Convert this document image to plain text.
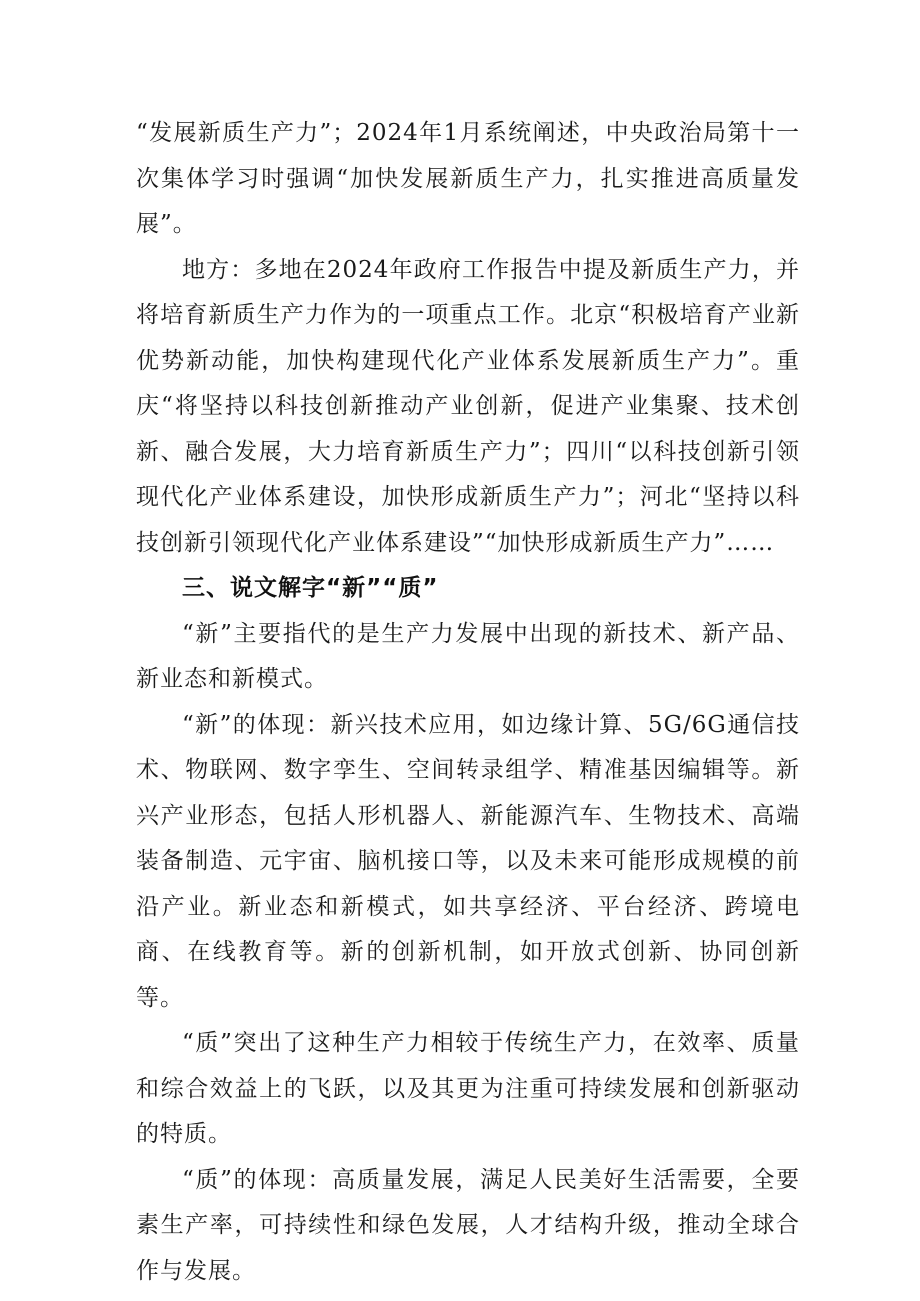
“发展新质生产力”；2024年1月系统阐述，中央政治局第十一次集体学习时强调“加快发展新质生产力，扎实推进高质量发展”。

地方：多地在2024年政府工作报告中提及新质生产力，并将培育新质生产力作为的一项重点工作。北京“积极培育产业新优势新动能，加快构建现代化产业体系发展新质生产力”。重庆“将坚持以科技创新推动产业创新，促进产业集聚、技术创新、融合发展，大力培育新质生产力”；四川“以科技创新引领现代化产业体系建设，加快形成新质生产力”；河北“坚持以科技创新引领现代化产业体系建设”“加快形成新质生产力”……

三、说文解字“新”“质”

“新”主要指代的是生产力发展中出现的新技术、新产品、新业态和新模式。

“新”的体现：新兴技术应用，如边缘计算、5G/6G通信技术、物联网、数字孪生、空间转录组学、精准基因编辑等。新兴产业形态，包括人形机器人、新能源汽车、生物技术、高端装备制造、元宇宙、脑机接口等，以及未来可能形成规模的前沿产业。新业态和新模式，如共享经济、平台经济、跨境电商、在线教育等。新的创新机制，如开放式创新、协同创新等。

“质”突出了这种生产力相较于传统生产力，在效率、质量和综合效益上的飞跃，以及其更为注重可持续发展和创新驱动的特质。

“质”的体现：高质量发展，满足人民美好生活需要，全要素生产率，可持续性和绿色发展，人才结构升级，推动全球合作与发展。
